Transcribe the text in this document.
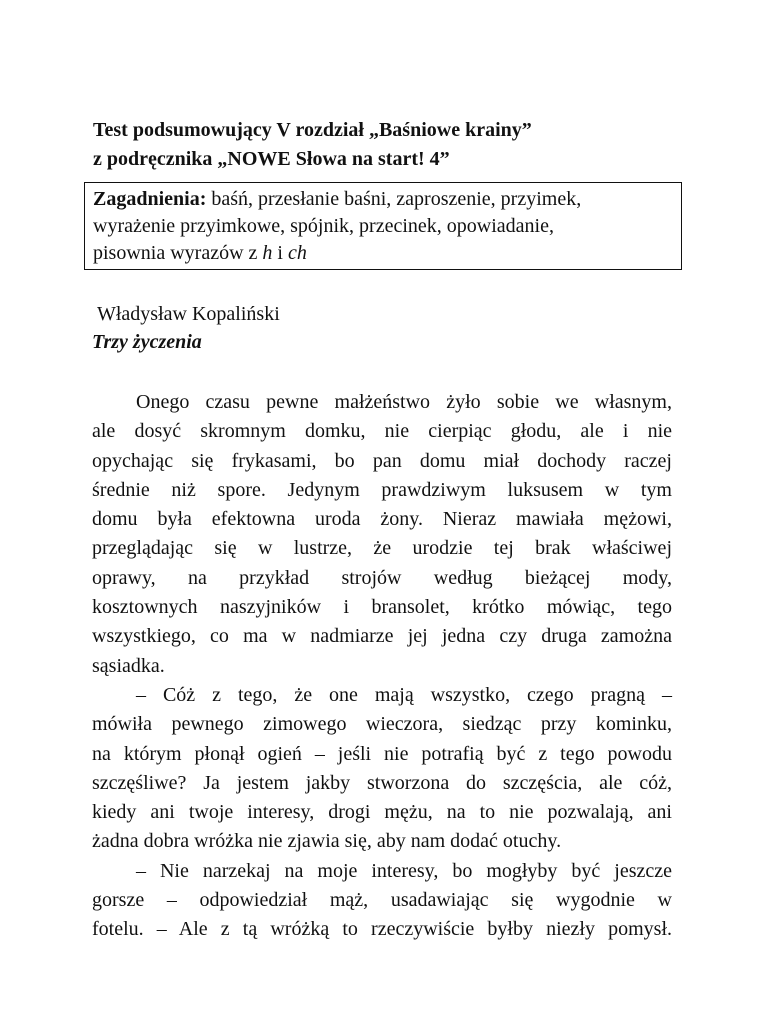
Test podsumowujący V rozdział „Baśniowe krainy”
z podręcznika „NOWE Słowa na start! 4”
Zagadnienia: baśń, przesłanie baśni, zaproszenie, przyimek,
wyrażenie przyimkowe, spójnik, przecinek, opowiadanie,
pisownia wyrazów z h i ch
Władysław Kopaliński
Trzy życzenia
Onego czasu pewne małżeństwo żyło sobie we własnym,
ale dosyć skromnym domku, nie cierpiąc głodu, ale i nie
opychając się frykasami, bo pan domu miał dochody raczej
średnie niż spore. Jedynym prawdziwym luksusem w tym
domu była efektowna uroda żony. Nieraz mawiała mężowi,
przeglądając się w lustrze, że urodzie tej brak właściwej
oprawy, na przykład strojów według bieżącej mody,
kosztownych naszyjników i bransolet, krótko mówiąc, tego
wszystkiego, co ma w nadmiarze jej jedna czy druga zamożna
sąsiadka.
– Cóż z tego, że one mają wszystko, czego pragną –
mówiła pewnego zimowego wieczora, siedząc przy kominku,
na którym płonął ogień – jeśli nie potrafią być z tego powodu
szczęśliwe? Ja jestem jakby stworzona do szczęścia, ale cóż,
kiedy ani twoje interesy, drogi mężu, na to nie pozwalają, ani
żadna dobra wróżka nie zjawia się, aby nam dodać otuchy.
– Nie narzekaj na moje interesy, bo mogłyby być jeszcze
gorsze – odpowiedział mąż, usadawiając się wygodnie w
fotelu. – Ale z tą wróżką to rzeczywiście byłby niezły pomysł.
